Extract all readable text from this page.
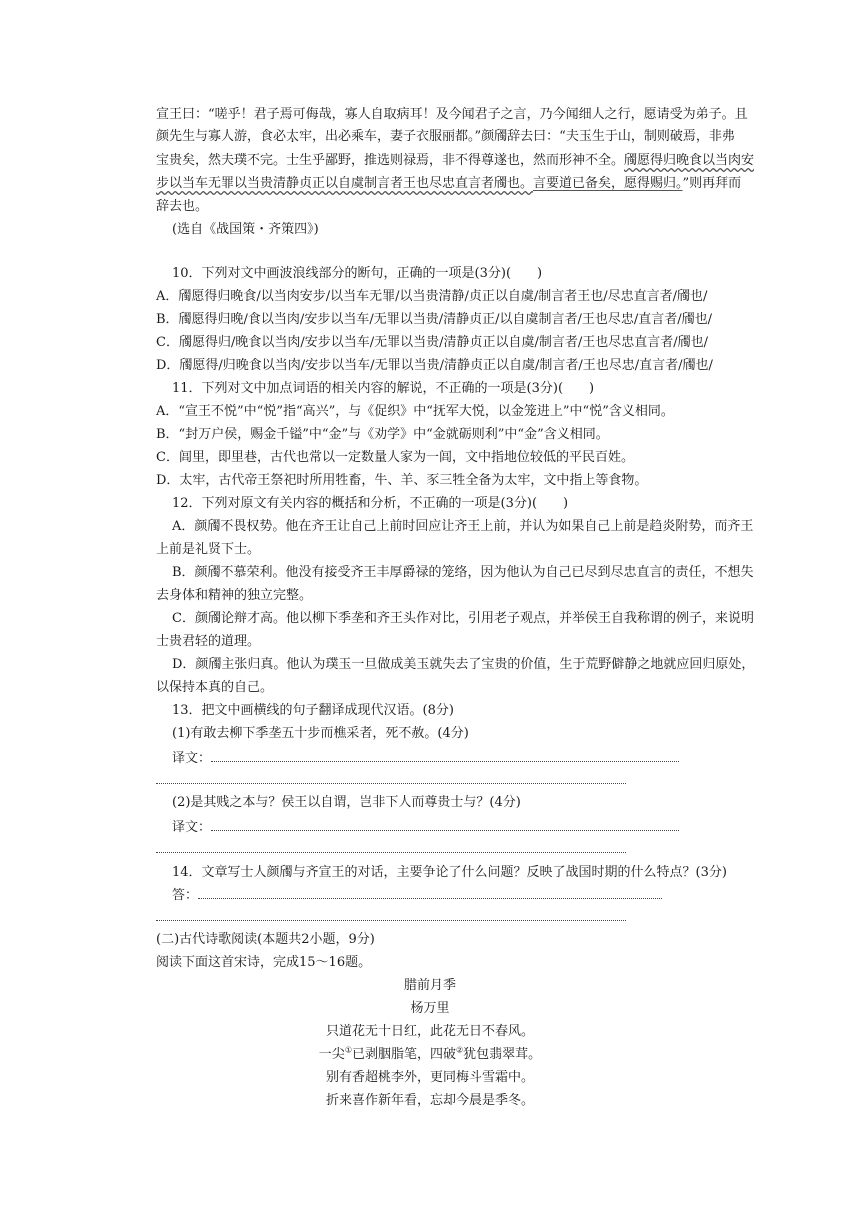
宣王曰：“嗟乎！君子焉可侮哉，寡人自取病耳！及今闻君子之言，乃今闻细人之行，愿请受为弟子。且
颜先生与寡人游，食必太牢，出必乘车，妻子衣服丽都。”颜斶辞去曰：“夫玉生于山，制则破焉，非弗
宝贵矣，然夫璞不完。士生乎鄙野，推选则禄焉，非不得尊遂也，然而形神不全。斶愿得归晚食以当肉安
步以当车无罪以当贵清静贞正以自虞制言者王也尽忠直言者斶也。言要道已备矣，愿得赐归。”则再拜而
辞去也。
(选自《战国策・齐策四》)
10．下列对文中画波浪线部分的断句，正确的一项是(3分)(　　)
A．斶愿得归晚食/以当肉安步/以当车无罪/以当贵清静/贞正以自虞/制言者王也/尽忠直言者/斶也/
B．斶愿得归晚/食以当肉/安步以当车/无罪以当贵/清静贞正/以自虞制言者/王也尽忠/直言者/斶也/
C．斶愿得归/晚食以当肉/安步以当车/无罪以当贵/清静贞正以自虞/制言者/王也尽忠直言者/斶也/
D．斶愿得/归晚食以当肉/安步以当车/无罪以当贵/清静贞正以自虞/制言者/王也尽忠/直言者/斶也/
11．下列对文中加点词语的相关内容的解说，不正确的一项是(3分)(　　)
A．“宣王不悦”中“悦”指“高兴”，与《促织》中“抚军大悦，以金笼进上”中“悦”含义相同。
B．“封万户侯，赐金千镒”中“金”与《劝学》中“金就砺则利”中“金”含义相同。
C．闾里，即里巷，古代也常以一定数量人家为一闾，文中指地位较低的平民百姓。
D．太牢，古代帝王祭祀时所用牲畜，牛、羊、豕三牲全备为太牢，文中指上等食物。
12．下列对原文有关内容的概括和分析，不正确的一项是(3分)(　　)
A．颜斶不畏权势。他在齐王让自己上前时回应让齐王上前，并认为如果自己上前是趋炎附势，而齐王
上前是礼贤下士。
B．颜斶不慕荣利。他没有接受齐王丰厚爵禄的笼络，因为他认为自己已尽到尽忠直言的责任，不想失
去身体和精神的独立完整。
C．颜斶论辩才高。他以柳下季垄和齐王头作对比，引用老子观点，并举侯王自我称谓的例子，来说明
士贵君轻的道理。
D．颜斶主张归真。他认为璞玉一旦做成美玉就失去了宝贵的价值，生于荒野僻静之地就应回归原处，
以保持本真的自己。
13．把文中画横线的句子翻译成现代汉语。(8分)
(1)有敢去柳下季垄五十步而樵采者，死不赦。(4分)
译文：
(2)是其贱之本与？侯王以自谓，岂非下人而尊贵士与？(4分)
译文：
14．文章写士人颜斶与齐宣王的对话，主要争论了什么问题？反映了战国时期的什么特点？(3分)
答：
(二)古代诗歌阅读(本题共2小题，9分)
阅读下面这首宋诗，完成15～16题。
腊前月季
杨万里
只道花无十日红，此花无日不春风。
一尖①已剥胭脂笔，四破②犹包翡翠茸。
别有香超桃李外，更同梅斗雪霜中。
折来喜作新年看，忘却今晨是季冬。
